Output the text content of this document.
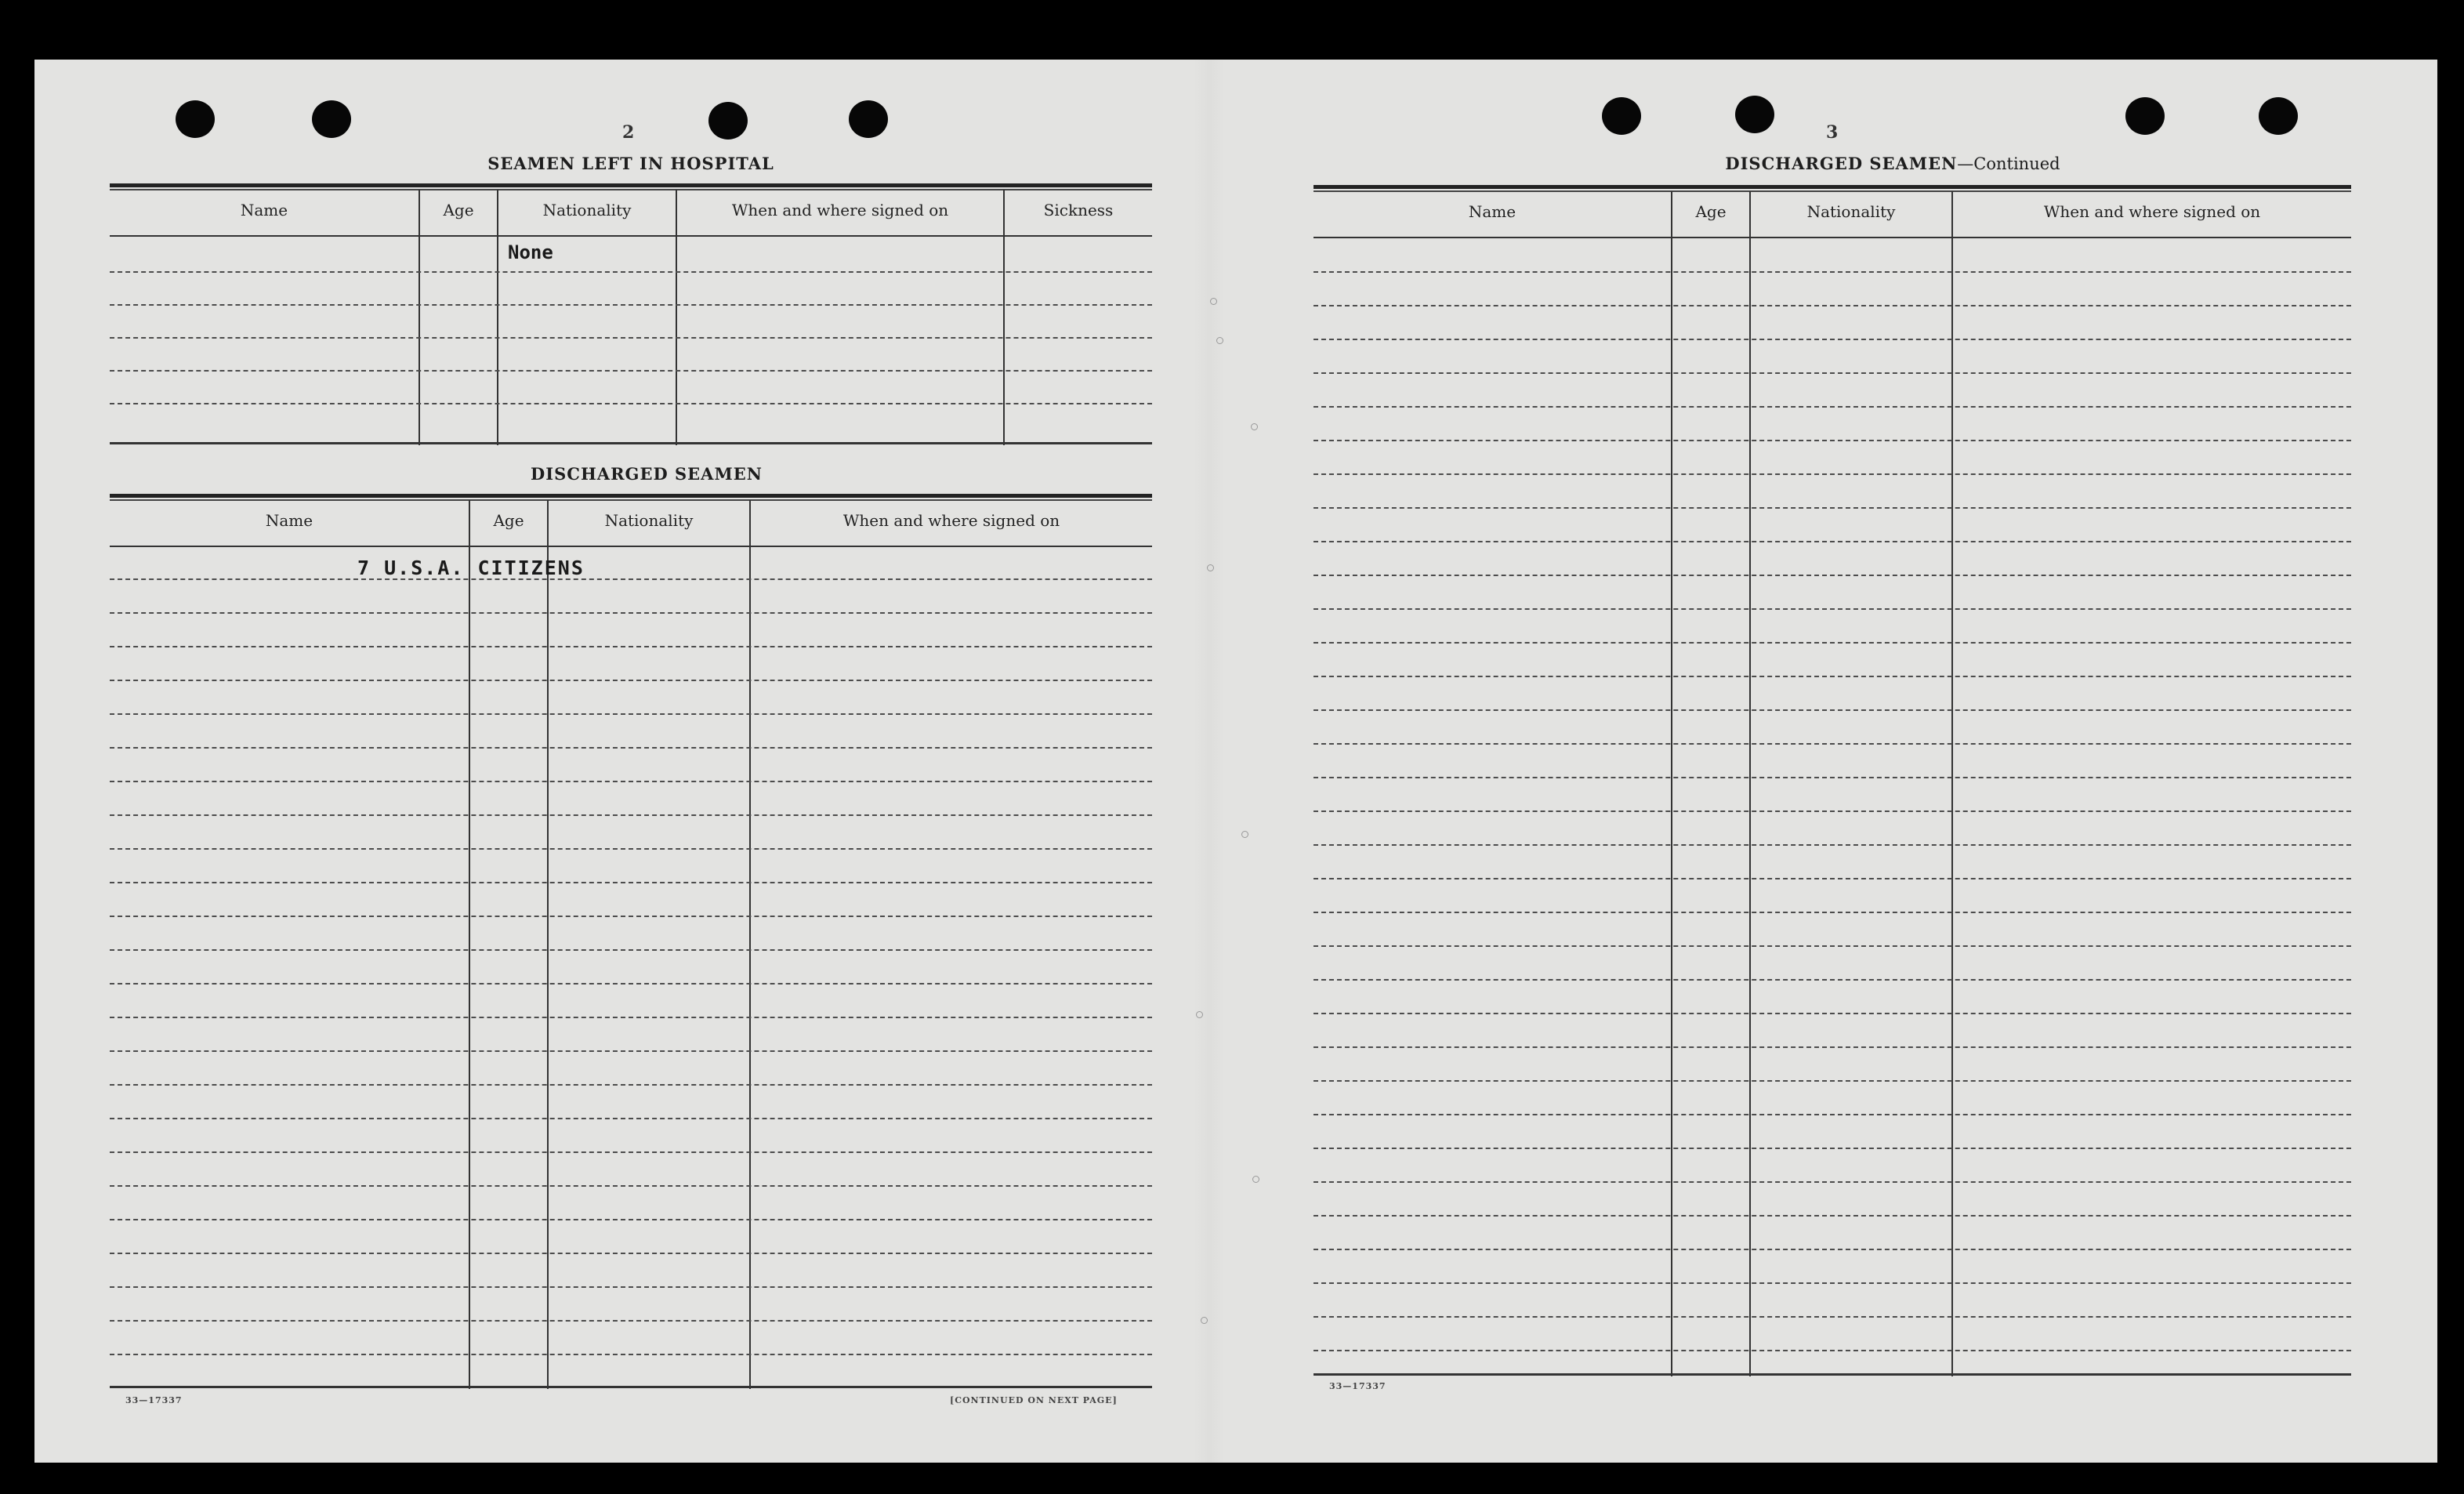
2
SEAMEN LEFT IN HOSPITAL
Name	Age	Nationality	When and where signed on	Sickness
None
DISCHARGED SEAMEN
Name	Age	Nationality	When and where signed on
7 U.S.A. CITIZENS
33—17337	[CONTINUED ON NEXT PAGE]
3
DISCHARGED SEAMEN—Continued
Name	Age	Nationality	When and where signed on
33—17337
